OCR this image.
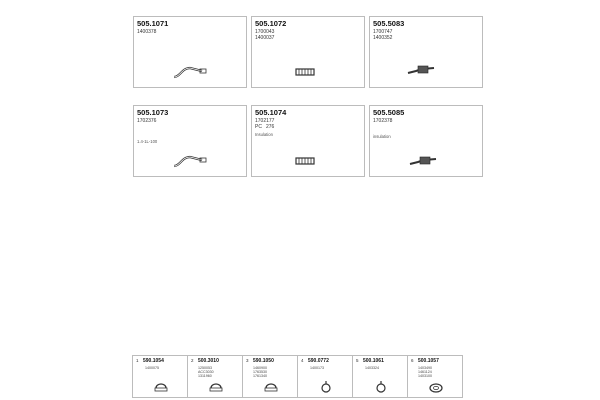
505.1071
1400378
505.1072
1700043
1400037
505.5083
1700747
1400352
505.1073
1702376
1.4-1L-100
505.1074
1702177
PC 276
Insulation
505.5085
1702378
insulation
1 590.1054
1400075
2 500.3010
1250053
ACC3030
1311960
3 590.1050
1460900
1763530
1761340
4 590.0772
1400173
5 500.1061
1403324
6 500.1057
1403490
1461124
1403100
